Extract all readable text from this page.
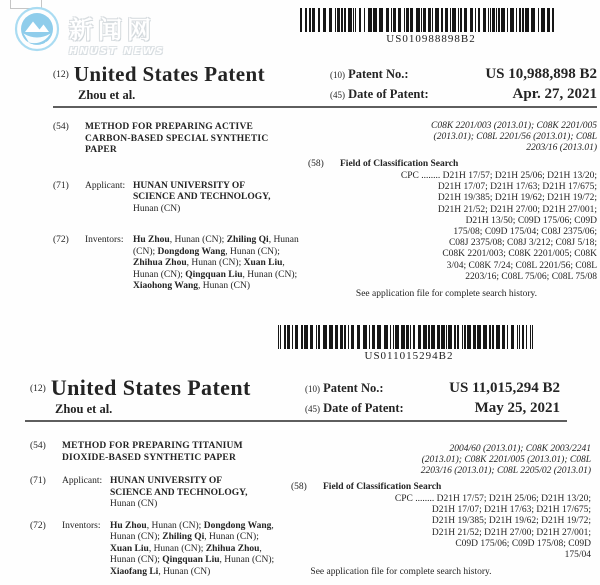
新闻网
HNUST NEWS
US010988898B2
$^{(12)}$ United States Patent
Zhou et al.
(10) Patent No.:	US 10,988,898 B2
(45) Date of Patent:	Apr. 27, 2021
(54)	METHOD FOR PREPARING ACTIVE CARBON-BASED SPECIAL SYNTHETIC PAPER
(71)	Applicant: HUNAN UNIVERSITY OF SCIENCE AND TECHNOLOGY, Hunan (CN)
(72)	Inventors: Hu Zhou, Hunan (CN); Zhiling Qi, Hunan (CN); Dongdong Wang, Hunan (CN); Zhihua Zhou, Hunan (CN); Xuan Liu, Hunan (CN); Qingquan Liu, Hunan (CN); Xiaohong Wang, Hunan (CN)
C08K 2201/003 (2013.01); C08K 2201/005
(2013.01); C08L 2201/56 (2013.01); C08L
2203/16 (2013.01)
(58) Field of Classification Search
CPC ........ D21H 17/57; D21H 25/06; D21H 13/20;
D21H 17/07; D21H 17/63; D21H 17/675;
D21H 19/385; D21H 19/62; D21H 19/72;
D21H 21/52; D21H 27/00; D21H 27/001;
D21H 13/50; C09D 175/06; C09D
175/08; C09D 175/04; C08J 2375/06;
C08J 2375/08; C08J 3/212; C08J 5/18;
C08K 2201/003; C08K 2201/005; C08K
3/04; C08K 7/24; C08L 2201/56; C08L
2203/16; C08L 75/06; C08L 75/08
See application file for complete search history.
US011015294B2
$^{(12)}$ United States Patent
Zhou et al.
(10) Patent No.:	US 11,015,294 B2
(45) Date of Patent:	May 25, 2021
(54)	METHOD FOR PREPARING TITANIUM DIOXIDE-BASED SYNTHETIC PAPER
(71)	Applicant: HUNAN UNIVERSITY OF SCIENCE AND TECHNOLOGY, Hunan (CN)
(72)	Inventors: Hu Zhou, Hunan (CN); Dongdong Wang, Hunan (CN); Zhiling Qi, Hunan (CN); Xuan Liu, Hunan (CN); Zhihua Zhou, Hunan (CN); Qingquan Liu, Hunan (CN); Xiaofang Li, Hunan (CN)
2004/60 (2013.01); C08K 2003/2241
(2013.01); C08K 2201/005 (2013.01); C08L
2203/16 (2013.01); C08L 2205/02 (2013.01)
(58) Field of Classification Search
CPC ........ D21H 17/57; D21H 25/06; D21H 13/20;
D21H 17/07; D21H 17/63; D21H 17/675;
D21H 19/385; D21H 19/62; D21H 19/72;
D21H 21/52; D21H 27/00; D21H 27/001;
C09D 175/06; C09D 175/08; C09D
175/04
See application file for complete search history.
